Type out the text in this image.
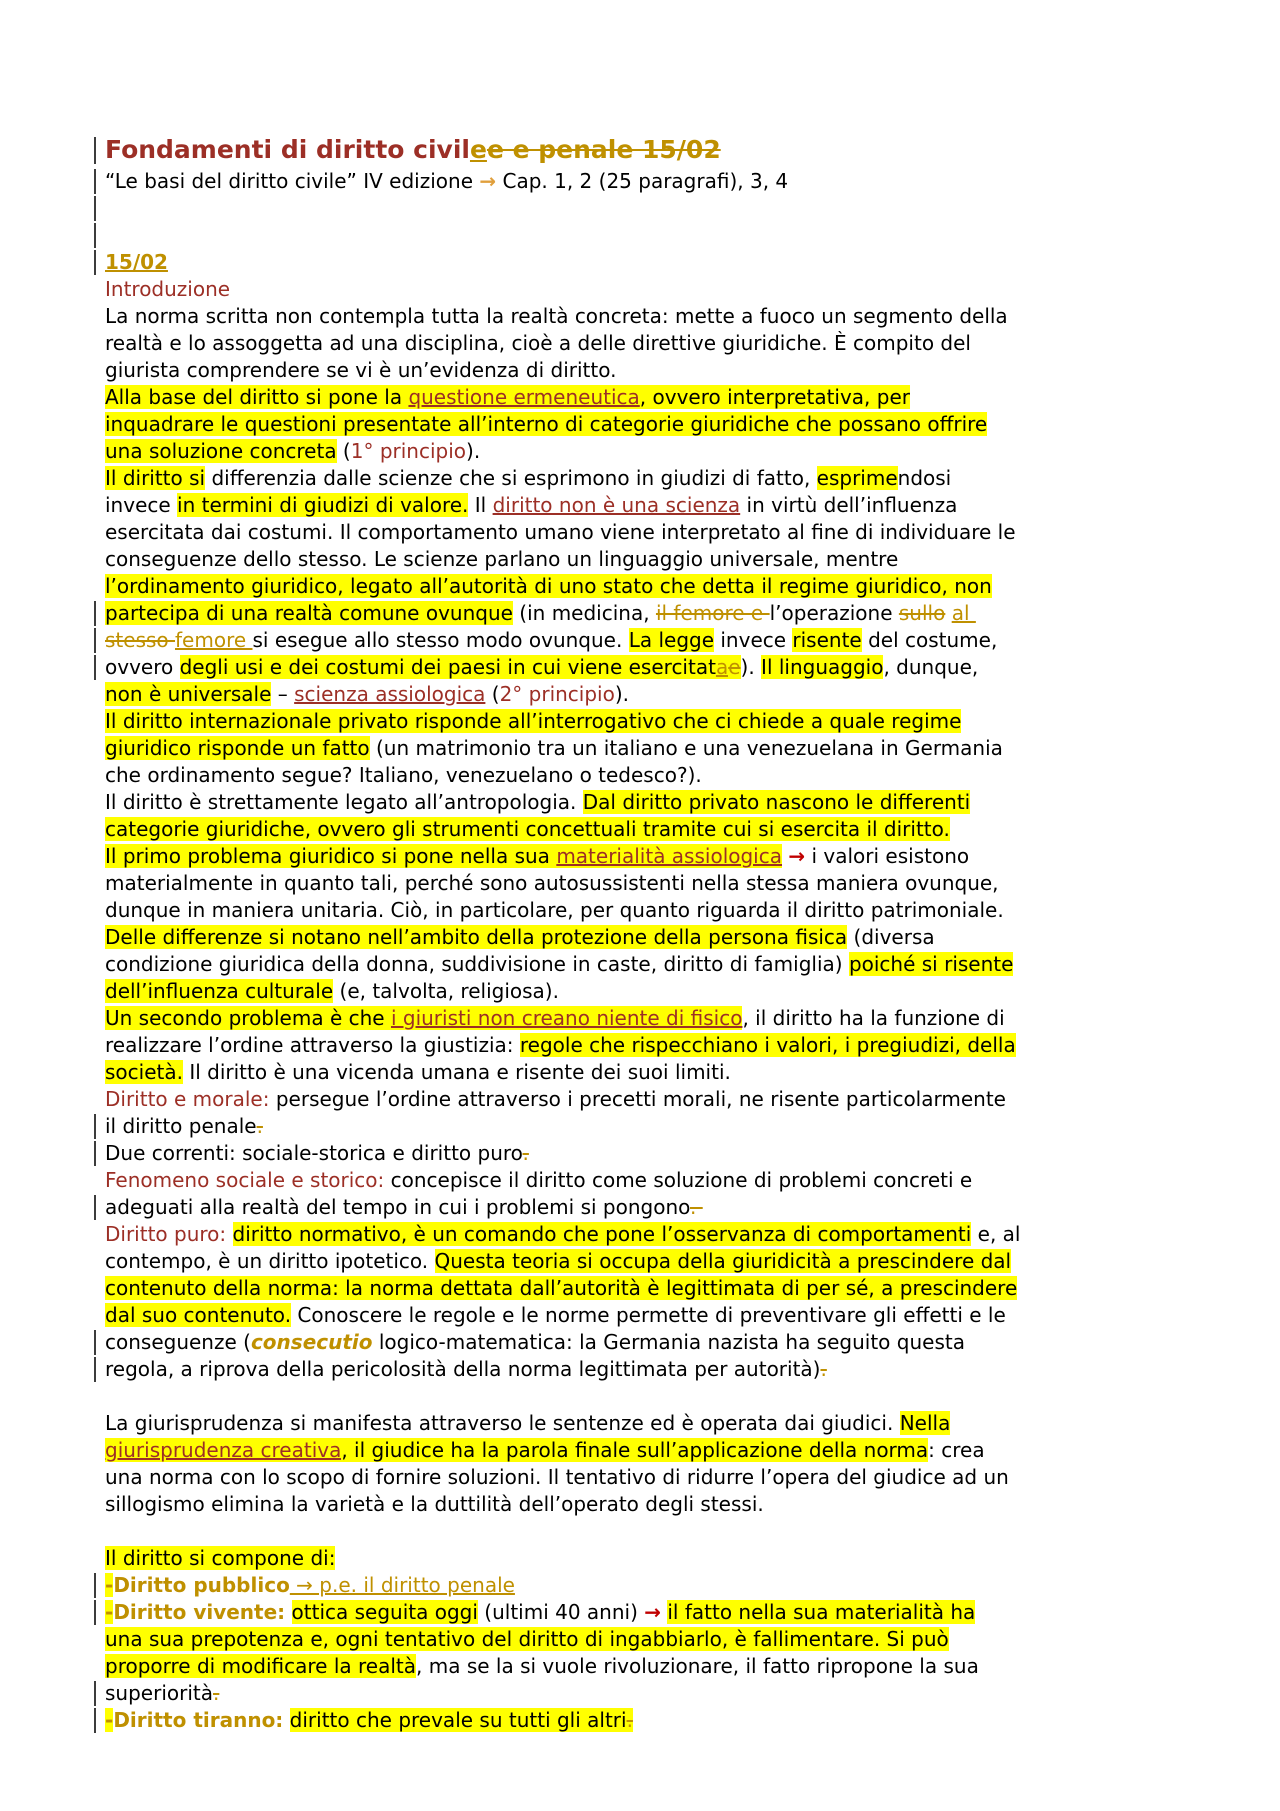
Fondamenti di diritto civilee e penale 15/02
“Le basi del diritto civile” IV edizione → Cap. 1, 2 (25 paragrafi), 3, 4
15/02
Introduzione
La norma scritta non contempla tutta la realtà concreta: mette a fuoco un segmento della
realtà e lo assoggetta ad una disciplina, cioè a delle direttive giuridiche. È compito del
giurista comprendere se vi è un’evidenza di diritto.
Alla base del diritto si pone la questione ermeneutica, ovvero interpretativa, per
inquadrare le questioni presentate all’interno di categorie giuridiche che possano offrire
una soluzione concreta (1° principio).
Il diritto si differenzia dalle scienze che si esprimono in giudizi di fatto, esprimendosi
invece in termini di giudizi di valore. Il diritto non è una scienza in virtù dell’influenza
esercitata dai costumi. Il comportamento umano viene interpretato al fine di individuare le
conseguenze dello stesso. Le scienze parlano un linguaggio universale, mentre
l’ordinamento giuridico, legato all’autorità di uno stato che detta il regime giuridico, non
partecipa di una realtà comune ovunque (in medicina, il femore e l’operazione sullo al
stesso femore si esegue allo stesso modo ovunque. La legge invece risente del costume,
ovvero degli usi e dei costumi dei paesi in cui viene esercitatae). Il linguaggio, dunque,
non è universale – scienza assiologica (2° principio).
Il diritto internazionale privato risponde all’interrogativo che ci chiede a quale regime
giuridico risponde un fatto (un matrimonio tra un italiano e una venezuelana in Germania
che ordinamento segue? Italiano, venezuelano o tedesco?).
Il diritto è strettamente legato all’antropologia. Dal diritto privato nascono le differenti
categorie giuridiche, ovvero gli strumenti concettuali tramite cui si esercita il diritto.
Il primo problema giuridico si pone nella sua materialità assiologica → i valori esistono
materialmente in quanto tali, perché sono autosussistenti nella stessa maniera ovunque,
dunque in maniera unitaria. Ciò, in particolare, per quanto riguarda il diritto patrimoniale.
Delle differenze si notano nell’ambito della protezione della persona fisica (diversa
condizione giuridica della donna, suddivisione in caste, diritto di famiglia) poiché si risente
dell’influenza culturale (e, talvolta, religiosa).
Un secondo problema è che i giuristi non creano niente di fisico, il diritto ha la funzione di
realizzare l’ordine attraverso la giustizia: regole che rispecchiano i valori, i pregiudizi, della
società. Il diritto è una vicenda umana e risente dei suoi limiti.
Diritto e morale: persegue l’ordine attraverso i precetti morali, ne risente particolarmente
il diritto penale.
Due correnti: sociale-storica e diritto puro.
Fenomeno sociale e storico: concepisce il diritto come soluzione di problemi concreti e
adeguati alla realtà del tempo in cui i problemi si pongono.
Diritto puro: diritto normativo, è un comando che pone l’osservanza di comportamenti e, al
contempo, è un diritto ipotetico. Questa teoria si occupa della giuridicità a prescindere dal
contenuto della norma: la norma dettata dall’autorità è legittimata di per sé, a prescindere
dal suo contenuto. Conoscere le regole e le norme permette di preventivare gli effetti e le
conseguenze (consecutio logico-matematica: la Germania nazista ha seguito questa
regola, a riprova della pericolosità della norma legittimata per autorità).
La giurisprudenza si manifesta attraverso le sentenze ed è operata dai giudici. Nella
giurisprudenza creativa, il giudice ha la parola finale sull’applicazione della norma: crea
una norma con lo scopo di fornire soluzioni. Il tentativo di ridurre l’opera del giudice ad un
sillogismo elimina la varietà e la duttilità dell’operato degli stessi.
Il diritto si compone di:
-Diritto pubblico → p.e. il diritto penale
-Diritto vivente: ottica seguita oggi (ultimi 40 anni) → il fatto nella sua materialità ha
una sua prepotenza e, ogni tentativo del diritto di ingabbiarlo, è fallimentare. Si può
proporre di modificare la realtà, ma se la si vuole rivoluzionare, il fatto ripropone la sua
superiorità.
-Diritto tiranno: diritto che prevale su tutti gli altri.
